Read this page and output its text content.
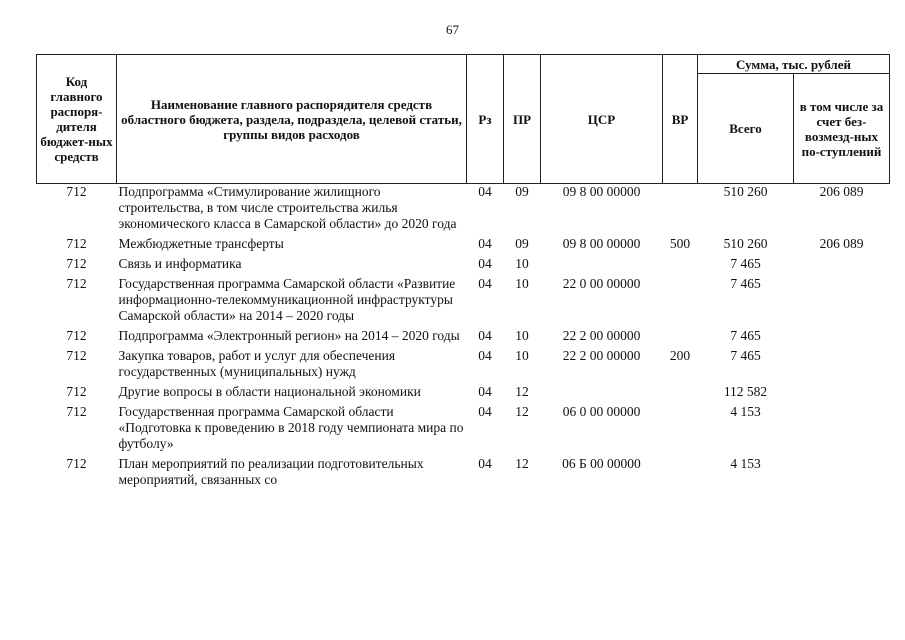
67
Код главного распоря-дителя бюджет-ных средств	Наименование главного распорядителя средств областного бюджета, раздела, подраздела, целевой статьи, группы видов расходов	Рз	ПР	ЦСР	ВР	Сумма, тыс. рублей	
						Всего	в том числе за счет без-возмезд-ных по-ступлений
712	Подпрограмма «Стимулирование жилищного строительства, в том числе строительства жилья экономического класса в Самарской области» до 2020 года	04	09	09 8 00 00000		510 260	206 089
712	Межбюджетные трансферты	04	09	09 8 00 00000	500	510 260	206 089
712	Связь и информатика	04	10			7 465	
712	Государственная программа Самарской области «Развитие информационно-телекоммуникационной инфраструктуры Самарской области» на 2014 – 2020 годы	04	10	22 0 00 00000		7 465	
712	Подпрограмма «Электронный регион» на 2014 – 2020 годы	04	10	22 2 00 00000		7 465	
712	Закупка товаров, работ и услуг для обеспечения государственных (муниципальных) нужд	04	10	22 2 00 00000	200	7 465	
712	Другие вопросы в области национальной экономики	04	12			112 582	
712	Государственная программа Самарской области «Подготовка к проведению в 2018 году чемпионата мира по футболу»	04	12	06 0 00 00000		4 153	
712	План мероприятий по реализации подготовительных мероприятий, связанных со	04	12	06 Б 00 00000		4 153	
